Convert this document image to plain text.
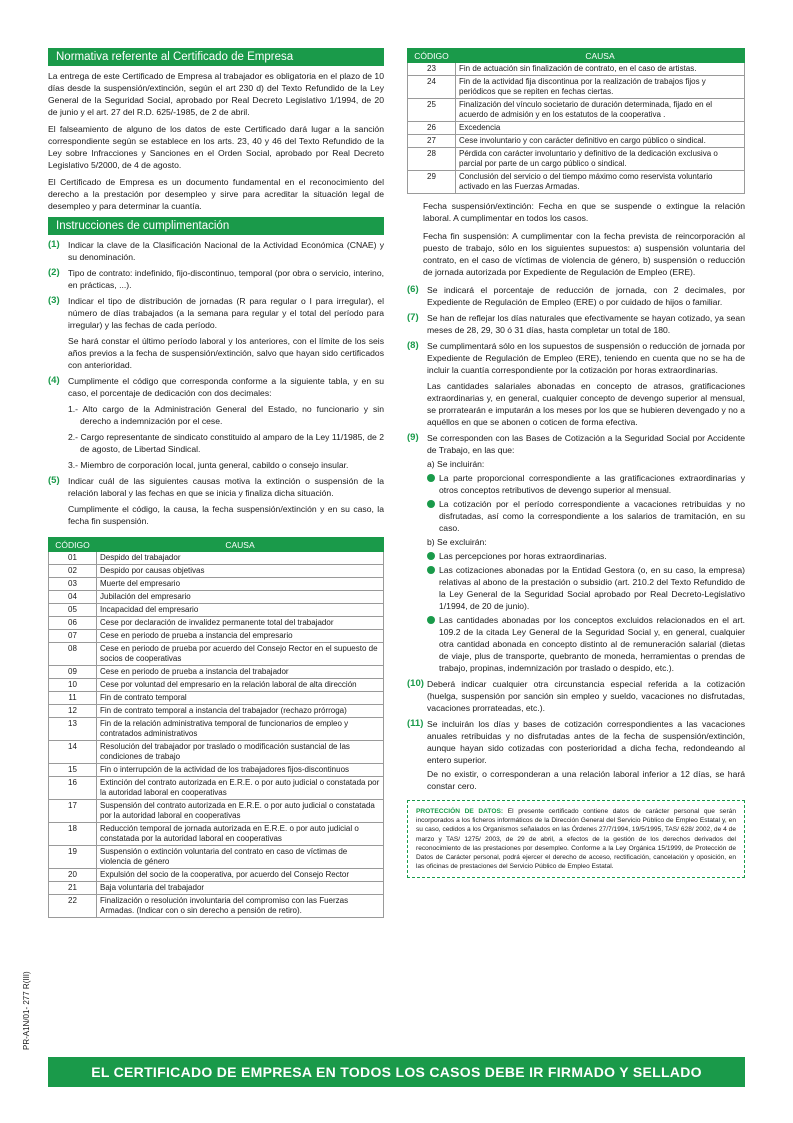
Normativa referente al Certificado de Empresa

La entrega de este Certificado de Empresa al trabajador es obligatoria en el plazo de 10 días desde la suspensión/extinción, según el art 230 d) del Texto Refundido de la Ley General de la Seguridad Social, aprobado por Real Decreto Legislativo 1/1994, de 20 de junio y el art. 27 del R.D. 625/-1985, de 2 de abril.

El falseamiento de alguno de los datos de este Certificado dará lugar a la sanción correspondiente según se establece en los arts. 23, 40 y 46 del Texto Refundido de la Ley sobre Infracciones y Sanciones en el Orden Social, aprobado por Real Decreto Legislativo 5/2000, de 4 de agosto.

El Certificado de Empresa es un documento fundamental en el reconocimiento del derecho a la prestación por desempleo y sirve para acreditar la situación legal de desempleo y para determinar la cuantía.

Instrucciones de cumplimentación
(1) Indicar la clave de la Clasificación Nacional de la Actividad Económica (CNAE) y su denominación.
(2) Tipo de contrato: indefinido, fijo-discontinuo, temporal (por obra o servicio, interino, en prácticas, ...).
(3) Indicar el tipo de distribución de jornadas (R para regular o I para irregular), el número de días trabajados (a la semana para regular y el total del período para irregular) y las fechas de cada período.

Se hará constar el último período laboral y los anteriores, con el límite de los seis años previos a la fecha de suspensión/extinción, salvo que hayan sido certificados con anterioridad.

(4) Cumplimente el código que corresponda conforme a la siguiente tabla, y en su caso, el porcentaje de dedicación con dos decimales:

1.- Alto cargo de la Administración General del Estado, no funcionario y sin derecho a indemnización por el cese.

2.- Cargo representante de sindicato constituido al amparo de la Ley 11/1985, de 2 de agosto, de Libertad Sindical.

3.- Miembro de corporación local, junta general, cabildo o consejo insular.

(5) Indicar cuál de las siguientes causas motiva la extinción o suspensión de la relación laboral y las fechas en que se inicia y finaliza dicha situación.

Cumplimente el código, la causa, la fecha suspensión/extinción y en su caso, la fecha fin suspensión.

CÓDIGO	CAUSA
01	Despido del trabajador
02	Despido por causas objetivas
03	Muerte del empresario
04	Jubilación del empresario
05	Incapacidad del empresario
06	Cese por declaración de invalidez permanente total del trabajador
07	Cese en periodo de prueba a instancia del empresario
08	Cese en periodo de prueba por acuerdo del Consejo Rector en el supuesto de socios de cooperativas
09	Cese en periodo de prueba a instancia del trabajador
10	Cese por voluntad del empresario en la relación laboral de alta dirección
11	Fin de contrato temporal
12	Fin de contrato temporal a instancia del trabajador (rechazo prórroga)
13	Fin de la relación administrativa temporal de funcionarios de empleo y contratados administrativos
14	Resolución del trabajador por traslado o modificación sustancial de las condiciones de trabajo
15	Fin o interrupción de la actividad de los trabajadores fijos-discontinuos
16	Extinción del contrato autorizada en E.R.E. o por auto judicial o constatada por la autoridad laboral en cooperativas
17	Suspensión del contrato autorizada en E.R.E. o por auto judicial o constatada por la autoridad laboral en cooperativas
18	Reducción temporal de jornada autorizada en E.R.E. o por auto judicial o constatada por la autoridad laboral en cooperativas
19	Suspensión o extinción voluntaria del contrato en caso de víctimas de violencia de género
20	Expulsión del socio de la cooperativa, por acuerdo del Consejo Rector
21	Baja voluntaria del trabajador
22	Finalización o resolución involuntaria del compromiso con las Fuerzas Armadas. (Indicar con o sin derecho a pensión de retiro).
CÓDIGO	CAUSA
23	Fin de actuación sin finalización de contrato, en el caso de artistas.
24	Fin de la actividad fija discontinua por la realización de trabajos fijos y periódicos que se repiten en fechas ciertas.
25	Finalización del vínculo societario de duración determinada, fijado en el acuerdo de admisión y en los estatutos de la cooperativa .
26	Excedencia
27	Cese involuntario y con carácter definitivo en cargo público o sindical.
28	Pérdida con carácter involuntario y definitivo de la dedicación exclusiva o parcial por parte de un cargo público o sindical.
29	Conclusión del servicio o del tiempo máximo como reservista voluntario activado en las Fuerzas Armadas.

Fecha suspensión/extinción: Fecha en que se suspende o extingue la relación laboral. A cumplimentar en todos los casos.

Fecha fin suspensión: A cumplimentar con la fecha prevista de reincorporación al puesto de trabajo, sólo en los siguientes supuestos: a) suspensión voluntaria del contrato, en el caso de víctimas de violencia de género, b) suspensión o reducción de jornada autorizada por Expediente de Regulación de Empleo (ERE).

(6) Se indicará el porcentaje de reducción de jornada, con 2 decimales, por Expediente de Regulación de Empleo (ERE) o por cuidado de hijos o familiar.
(7) Se han de reflejar los días naturales que efectivamente se hayan cotizado, ya sean meses de 28, 29, 30 ó 31 días, hasta completar un total de 180.
(8) Se cumplimentará sólo en los supuestos de suspensión o reducción de jornada por Expediente de Regulación de Empleo (ERE), teniendo en cuenta que no se ha de incluir la cuantía correspondiente por la cotización por horas extraordinarias.

Las cantidades salariales abonadas en concepto de atrasos, gratificaciones extraordinarias y, en general, cualquier concepto de devengo superior al mensual, se prorratearán e imputarán a los meses por los que se hubieren devengado y no a aquéllos en que se abonen o coticen de forma efectiva.

(9) Se corresponden con las Bases de Cotización a la Seguridad Social por Accidente de Trabajo, en las que:

a) Se incluirán:

La parte proporcional correspondiente a las gratificaciones extraordinarias y otros conceptos retributivos de devengo superior al mensual.
La cotización por el período correspondiente a vacaciones retribuidas y no disfrutadas, así como la correspondiente a los salarios de tramitación, en su caso.

b) Se excluirán:

Las percepciones por horas extraordinarias.
Las cotizaciones abonadas por la Entidad Gestora (o, en su caso, la empresa) relativas al abono de la prestación o subsidio (art. 210.2 del Texto Refundido de la Ley General de la Seguridad Social aprobado por Real Decreto-Legislativo 1/1994, de 20 de junio).
Las cantidades abonadas por los conceptos excluidos relacionados en el art. 109.2 de la citada Ley General de la Seguridad Social y, en general, cualquier otra cantidad abonada en concepto distinto al de remuneración salarial (dietas de viaje, plus de transporte, quebranto de moneda, herramientas o prendas de trabajo, propinas, indemnización por traslado o despido, etc.).
(10) Deberá indicar cualquier otra circunstancia especial referida a la cotización (huelga, suspensión por sanción sin empleo y sueldo, vacaciones no disfrutadas, vacaciones prorrateadas, etc.).
(11) Se incluirán los días y bases de cotización correspondientes a las vacaciones anuales retribuidas y no disfrutadas antes de la fecha de suspensión/extinción, aunque hayan sido cotizadas con posterioridad a dicha fecha, redondeando al entero superior.

De no existir, o corresponderan a una relación laboral inferior a 12 días, se hará constar cero.

PROTECCIÓN DE DATOS: El presente certificado contiene datos de carácter personal que serán incorporados a los ficheros informáticos de la Dirección General del Servicio Público de Empleo Estatal y, en su caso, cedidos a los Organismos señalados en las Órdenes 27/7/1994, 19/5/1995, TAS/ 628/ 2002, de 4 de marzo y TAS/ 1275/ 2003, de 29 de abril, a efectos de la gestión de los derechos derivados del reconocimiento de las prestaciones por desempleo. Conforme a la Ley Orgánica 15/1999, de Protección de Datos de Carácter personal, podrá ejercer el derecho de acceso, rectificación, cancelación y oposición, en las oficinas de prestaciones del Servicio Público de Empleo Estatal.
EL CERTIFICADO DE EMPRESA EN TODOS LOS CASOS DEBE IR FIRMADO Y SELLADO
PR-A1N/01- 277 R(III)
